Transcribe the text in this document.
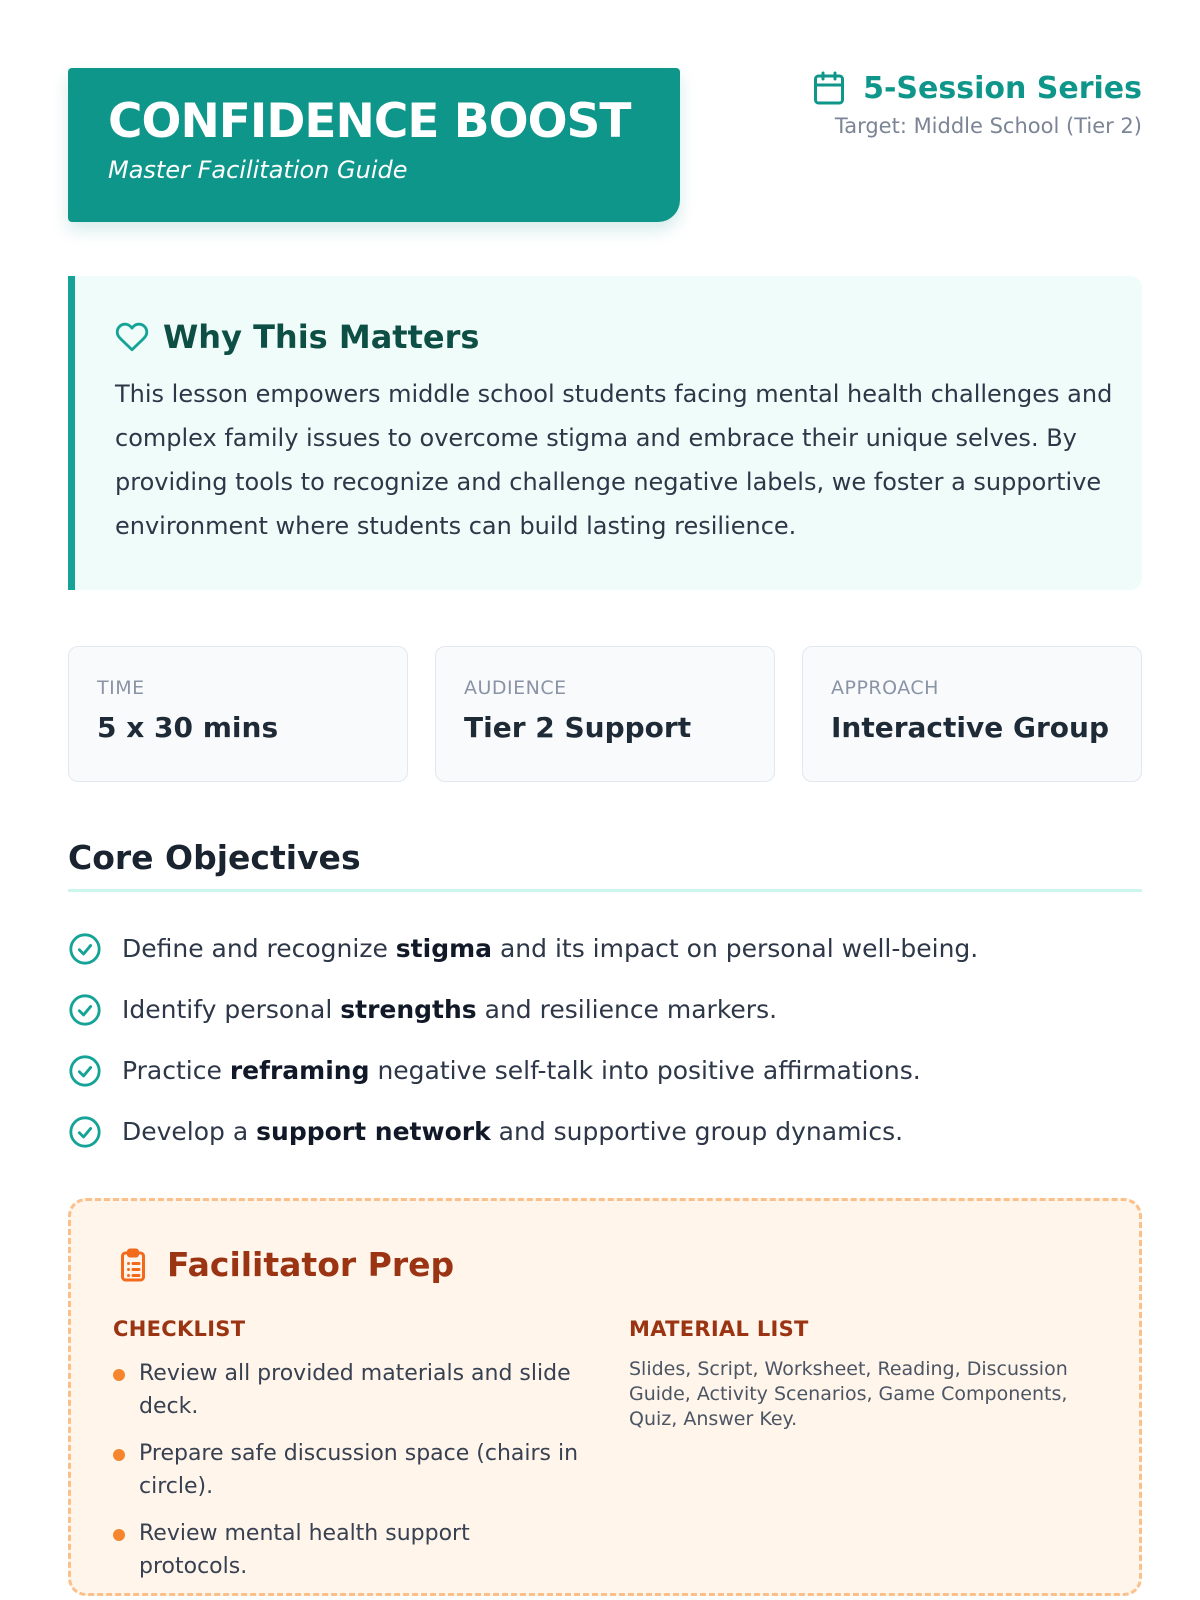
CONFIDENCE BOOST
Master Facilitation Guide
5-Session Series
Target: Middle School (Tier 2)
Why This Matters
This lesson empowers middle school students facing mental health challenges and complex family issues to overcome stigma and embrace their unique selves. By providing tools to recognize and challenge negative labels, we foster a supportive environment where students can build lasting resilience.
TIME
5 x 30 mins
AUDIENCE
Tier 2 Support
APPROACH
Interactive Group
Core Objectives
Define and recognize stigma and its impact on personal well-being.
Identify personal strengths and resilience markers.
Practice reframing negative self-talk into positive affirmations.
Develop a support network and supportive group dynamics.
Facilitator Prep
CHECKLIST
Review all provided materials and slide deck.
Prepare safe discussion space (chairs in circle).
Review mental health support protocols.
MATERIAL LIST
Slides, Script, Worksheet, Reading, Discussion Guide, Activity Scenarios, Game Components, Quiz, Answer Key.
